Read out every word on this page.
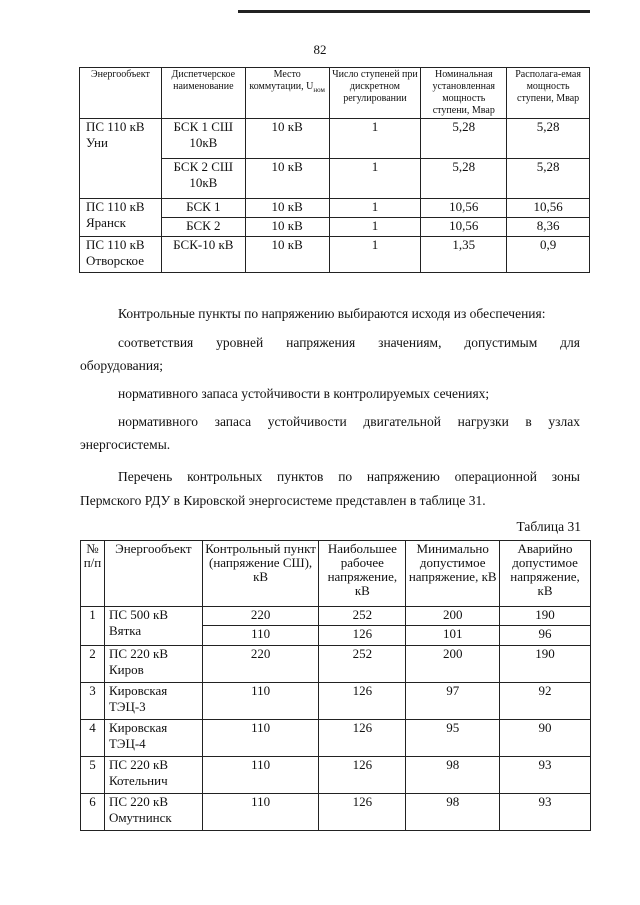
82
Энергообъект	Диспетчерское наименование	Место коммутации, $U_{ном}$	Число ступеней при дискретном регулировании	Номинальная установленная мощность ступени, Мвар	Располага-емая мощность ступени, Мвар
ПС 110 кВ Уни	БСК 1 СШ 10кВ	10 кВ	1	5,28	5,28
	БСК 2 СШ 10кВ	10 кВ	1	5,28	5,28
ПС 110 кВ Яранск	БСК 1	10 кВ	1	10,56	10,56
	БСК 2	10 кВ	1	10,56	8,36
ПС 110 кВ Отворское	БСК-10 кВ	10 кВ	1	1,35	0,9

Контрольные пункты по напряжению выбираются исходя из обеспечения:

соответствия уровней напряжения значениям, допустимым для

оборудования;

нормативного запаса устойчивости в контролируемых сечениях;

нормативного запаса устойчивости двигательной нагрузки в узлах

энергосистемы.

Перечень контрольных пунктов по напряжению операционной зоны

Пермского РДУ в Кировской энергосистеме представлен в таблице 31.

Таблица 31
№ п/п	Энергообъект	Контрольный пункт (напряжение СШ), кВ	Наибольшее рабочее напряжение, кВ	Минимально допустимое напряжение, кВ	Аварийно допустимое напряжение, кВ
1	ПС 500 кВ Вятка	220	252	200	190
		110	126	101	96
2	ПС 220 кВ Киров	220	252	200	190
3	Кировская ТЭЦ-3	110	126	97	92
4	Кировская ТЭЦ-4	110	126	95	90
5	ПС 220 кВ Котельнич	110	126	98	93
6	ПС 220 кВ Омутнинск	110	126	98	93
